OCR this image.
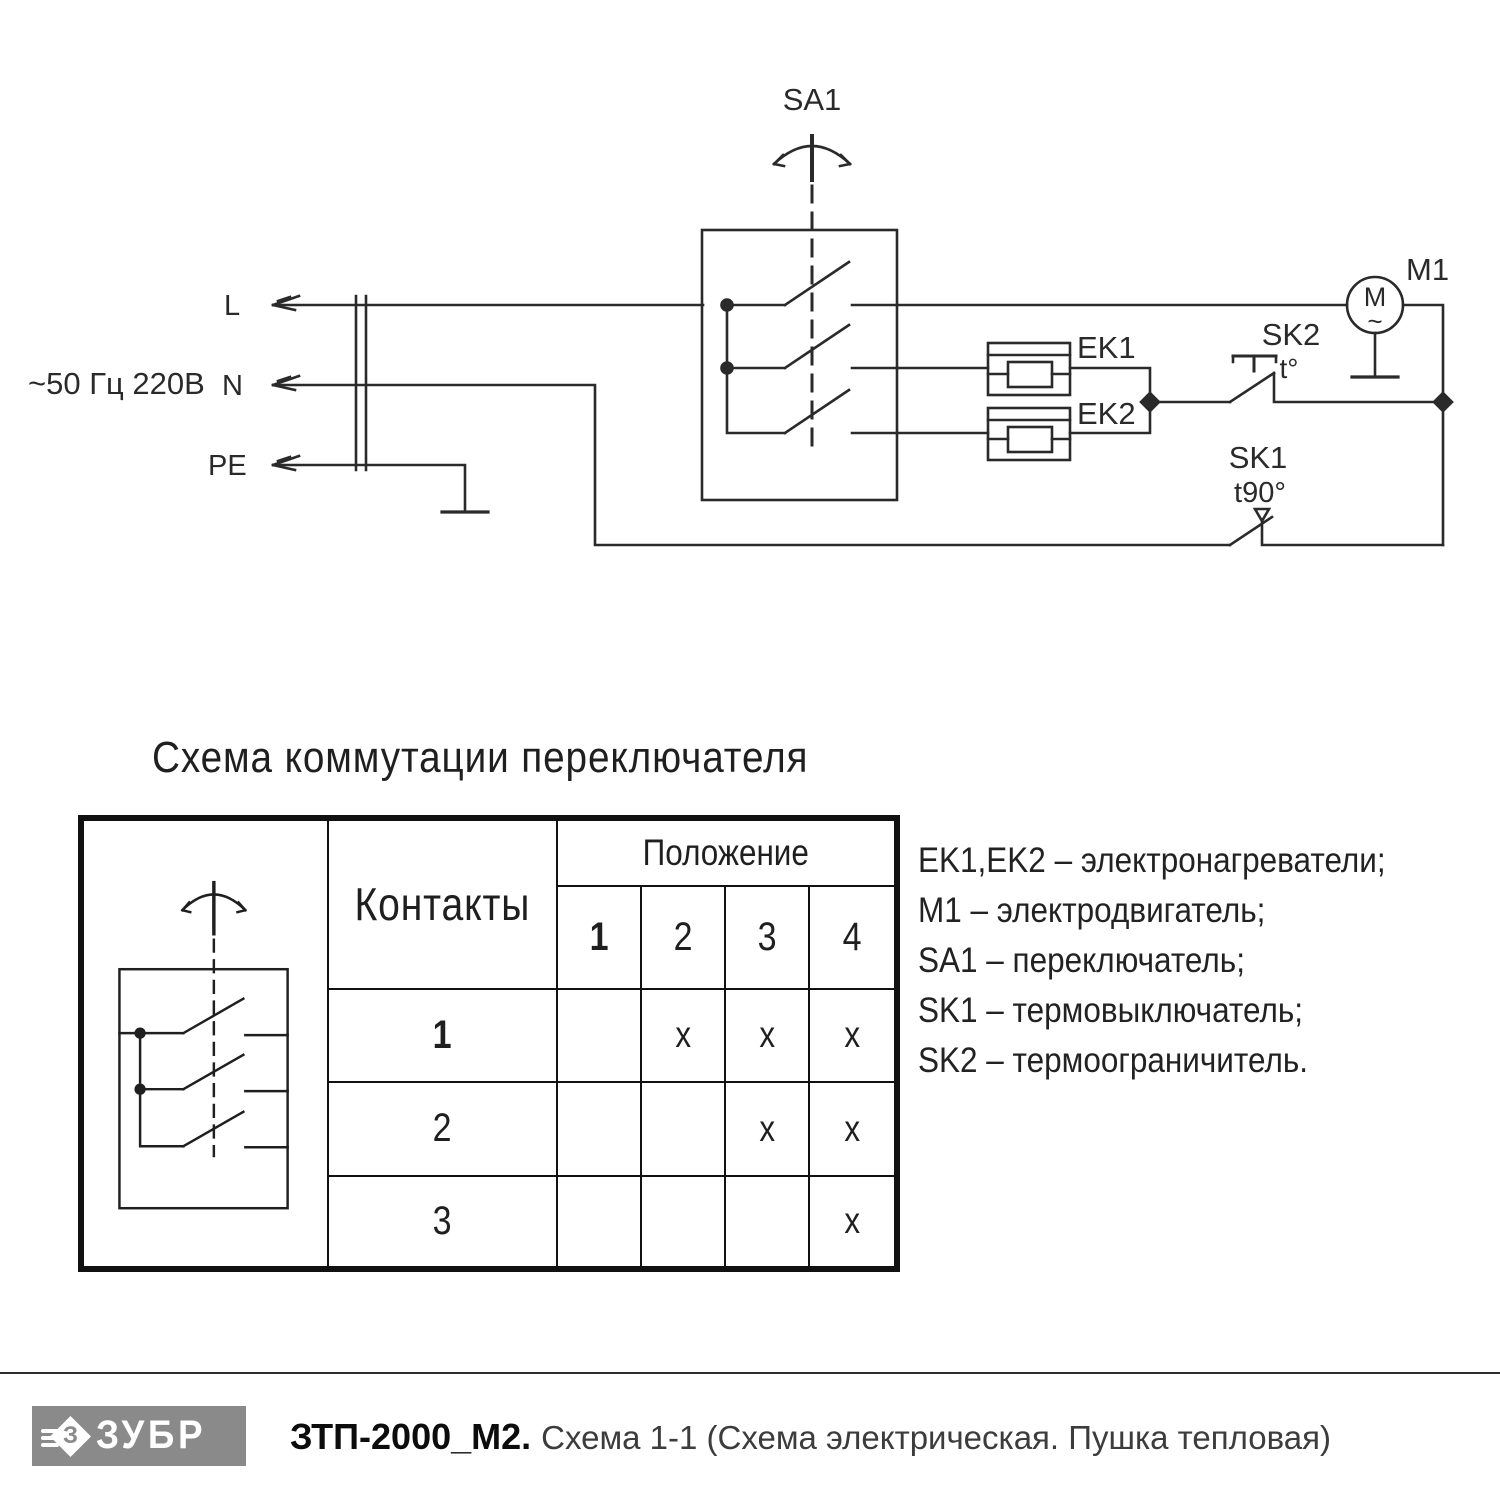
~50 Гц 220В
L
N
PE
SA1
EK1
EK2
SK2
t°
SK1
t90°
M1
M
~
Схема коммутации переключателя
	Контакты	Положение			
		1	2	3	4
	1		x	x	x
	2			x	x
	3				x
EK1,EK2 – электронагреватели;
M1 – электродвигатель;
SA1 – переключатель;
SK1 – термовыключатель;
SK2 – термоограничитель.
З ЗУБР ЗТП-2000_М2. Схема 1-1 (Схема электрическая. Пушка тепловая)
